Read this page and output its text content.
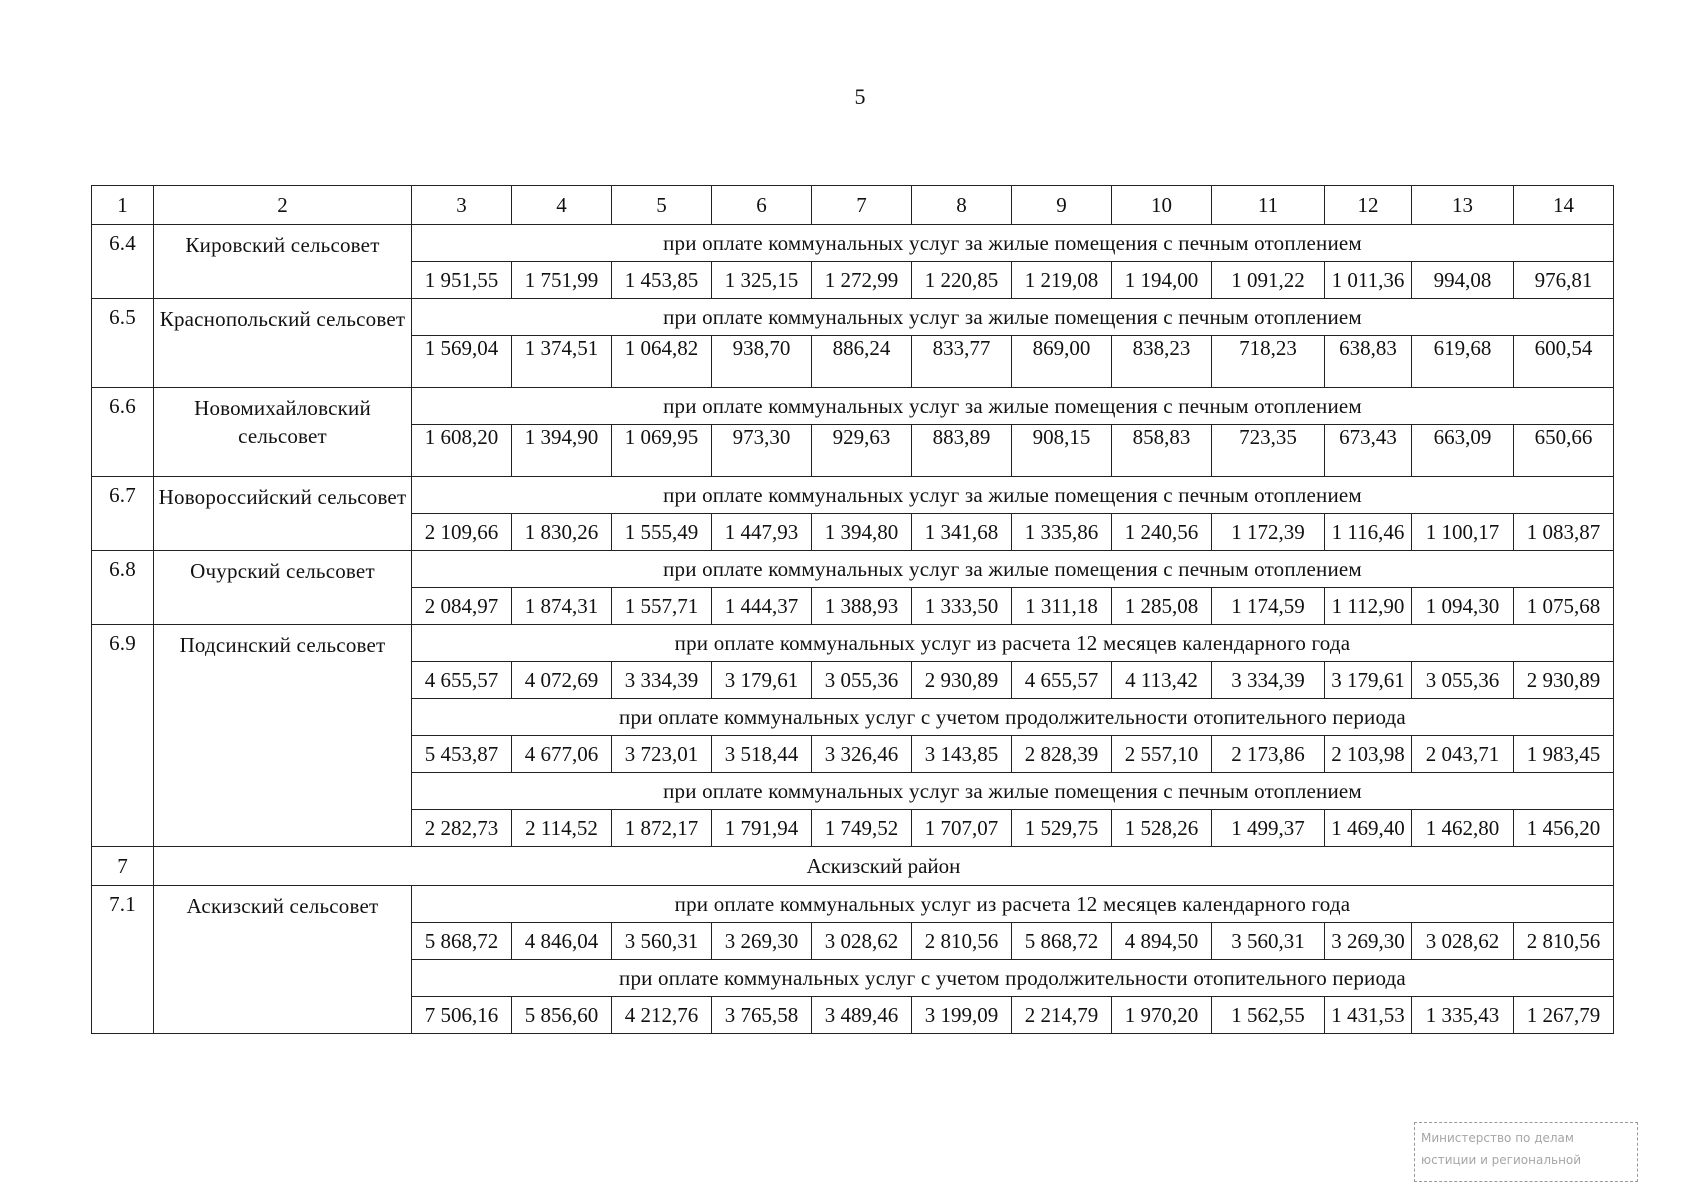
5
1	2	3	4	5	6	7	8	9	10	11	12	13	14
6.4	Кировский сельсовет	при оплате коммунальных услуг за жилые помещения с печным отоплением											
		1 951,55	1 751,99	1 453,85	1 325,15	1 272,99	1 220,85	1 219,08	1 194,00	1 091,22	1 011,36	994,08	976,81
6.5	Краснопольский сельсовет	при оплате коммунальных услуг за жилые помещения с печным отоплением											
		1 569,04	1 374,51	1 064,82	938,70	886,24	833,77	869,00	838,23	718,23	638,83	619,68	600,54
6.6	Новомихайловский сельсовет	при оплате коммунальных услуг за жилые помещения с печным отоплением											
		1 608,20	1 394,90	1 069,95	973,30	929,63	883,89	908,15	858,83	723,35	673,43	663,09	650,66
6.7	Новороссийский сельсовет	при оплате коммунальных услуг за жилые помещения с печным отоплением											
		2 109,66	1 830,26	1 555,49	1 447,93	1 394,80	1 341,68	1 335,86	1 240,56	1 172,39	1 116,46	1 100,17	1 083,87
6.8	Очурский сельсовет	при оплате коммунальных услуг за жилые помещения с печным отоплением											
		2 084,97	1 874,31	1 557,71	1 444,37	1 388,93	1 333,50	1 311,18	1 285,08	1 174,59	1 112,90	1 094,30	1 075,68
6.9	Подсинский сельсовет	при оплате коммунальных услуг из расчета 12 месяцев календарного года											
		4 655,57	4 072,69	3 334,39	3 179,61	3 055,36	2 930,89	4 655,57	4 113,42	3 334,39	3 179,61	3 055,36	2 930,89
		при оплате коммунальных услуг с учетом продолжительности отопительного периода											
		5 453,87	4 677,06	3 723,01	3 518,44	3 326,46	3 143,85	2 828,39	2 557,10	2 173,86	2 103,98	2 043,71	1 983,45
		при оплате коммунальных услуг за жилые помещения с печным отоплением											
		2 282,73	2 114,52	1 872,17	1 791,94	1 749,52	1 707,07	1 529,75	1 528,26	1 499,37	1 469,40	1 462,80	1 456,20
7	Аскизский район												
7.1	Аскизский сельсовет	при оплате коммунальных услуг из расчета 12 месяцев календарного года											
		5 868,72	4 846,04	3 560,31	3 269,30	3 028,62	2 810,56	5 868,72	4 894,50	3 560,31	3 269,30	3 028,62	2 810,56
		при оплате коммунальных услуг с учетом продолжительности отопительного периода											
		7 506,16	5 856,60	4 212,76	3 765,58	3 489,46	3 199,09	2 214,79	1 970,20	1 562,55	1 431,53	1 335,43	1 267,79
Министерство по делам
юстиции и региональной
